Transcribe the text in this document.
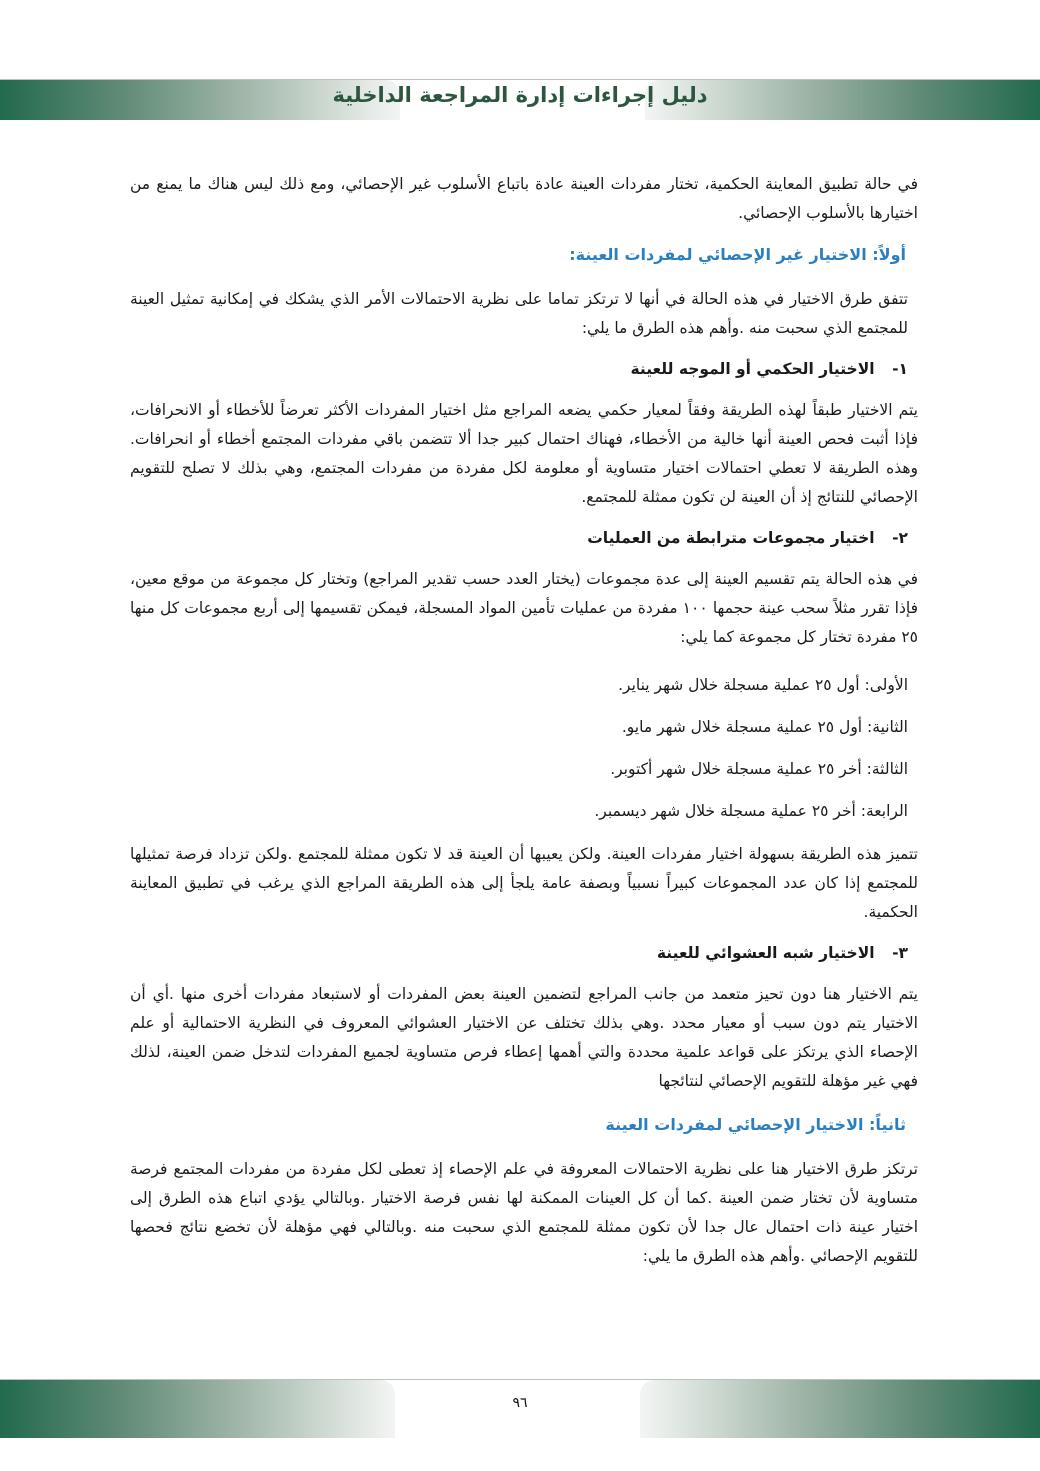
دليل إجراءات إدارة المراجعة الداخلية

في حالة تطبيق المعاينة الحكمية، تختار مفردات العينة عادة باتباع الأسلوب غير الإحصائي، ومع ذلك ليس هناك ما يمنع من اختيارها بالأسلوب الإحصائي.

أولاً: الاختيار غير الإحصائي لمفردات العينة:

تتفق طرق الاختيار في هذه الحالة في أنها لا ترتكز تماما على نظرية الاحتمالات الأمر الذي يشكك في إمكانية تمثيل العينة للمجتمع الذي سحبت منه .وأهم هذه الطرق ما يلي:

١- الاختيار الحكمي أو الموجه للعينة

يتم الاختيار طبقاً لهذه الطريقة وفقاً لمعيار حكمي يضعه المراجع مثل اختيار المفردات الأكثر تعرضاً للأخطاء أو الانحرافات، فإذا أثبت فحص العينة أنها خالية من الأخطاء، فهناك احتمال كبير جدا ألا تتضمن باقي مفردات المجتمع أخطاء أو انحرافات. وهذه الطريقة لا تعطي احتمالات اختيار متساوية أو معلومة لكل مفردة من مفردات المجتمع، وهي بذلك لا تصلح للتقويم الإحصائي للنتائج إذ أن العينة لن تكون ممثلة للمجتمع.

٢- اختيار مجموعات مترابطة من العمليات

في هذه الحالة يتم تقسيم العينة إلى عدة مجموعات (يختار العدد حسب تقدير المراجع) وتختار كل مجموعة من موقع معين، فإذا تقرر مثلاً سحب عينة حجمها ١٠٠ مفردة من عمليات تأمين المواد المسجلة، فيمكن تقسيمها إلى أربع مجموعات كل منها ٢٥ مفردة تختار كل مجموعة كما يلي:

الأولى: أول ٢٥ عملية مسجلة خلال شهر يناير.
الثانية: أول ٢٥ عملية مسجلة خلال شهر مايو.
الثالثة: أخر ٢٥ عملية مسجلة خلال شهر أكتوبر.
الرابعة: أخر ٢٥ عملية مسجلة خلال شهر ديسمبر.

تتميز هذه الطريقة بسهولة اختيار مفردات العينة. ولكن يعيبها أن العينة قد لا تكون ممثلة للمجتمع .ولكن تزداد فرصة تمثيلها للمجتمع إذا كان عدد المجموعات كبيراً نسبياً وبصفة عامة يلجأ إلى هذه الطريقة المراجع الذي يرغب في تطبيق المعاينة الحكمية.

٣- الاختيار شبه العشوائي للعينة

يتم الاختيار هنا دون تحيز متعمد من جانب المراجع لتضمين العينة بعض المفردات أو لاستبعاد مفردات أخرى منها .أي أن الاختيار يتم دون سبب أو معيار محدد .وهي بذلك تختلف عن الاختيار العشوائي المعروف في النظرية الاحتمالية أو علم الإحصاء الذي يرتكز على قواعد علمية محددة والتي أهمها إعطاء فرص متساوية لجميع المفردات لتدخل ضمن العينة، لذلك فهي غير مؤهلة للتقويم الإحصائي لنتائجها

ثانياً: الاختيار الإحصائي لمفردات العينة

ترتكز طرق الاختيار هنا على نظرية الاحتمالات المعروفة في علم الإحصاء إذ تعطى لكل مفردة من مفردات المجتمع فرصة متساوية لأن تختار ضمن العينة .كما أن كل العينات الممكنة لها نفس فرصة الاختيار .وبالتالي يؤدي اتباع هذه الطرق إلى اختيار عينة ذات احتمال عال جدا لأن تكون ممثلة للمجتمع الذي سحبت منه .وبالتالي فهي مؤهلة لأن تخضع نتائج فحصها للتقويم الإحصائي .وأهم هذه الطرق ما يلي:

٩٦
